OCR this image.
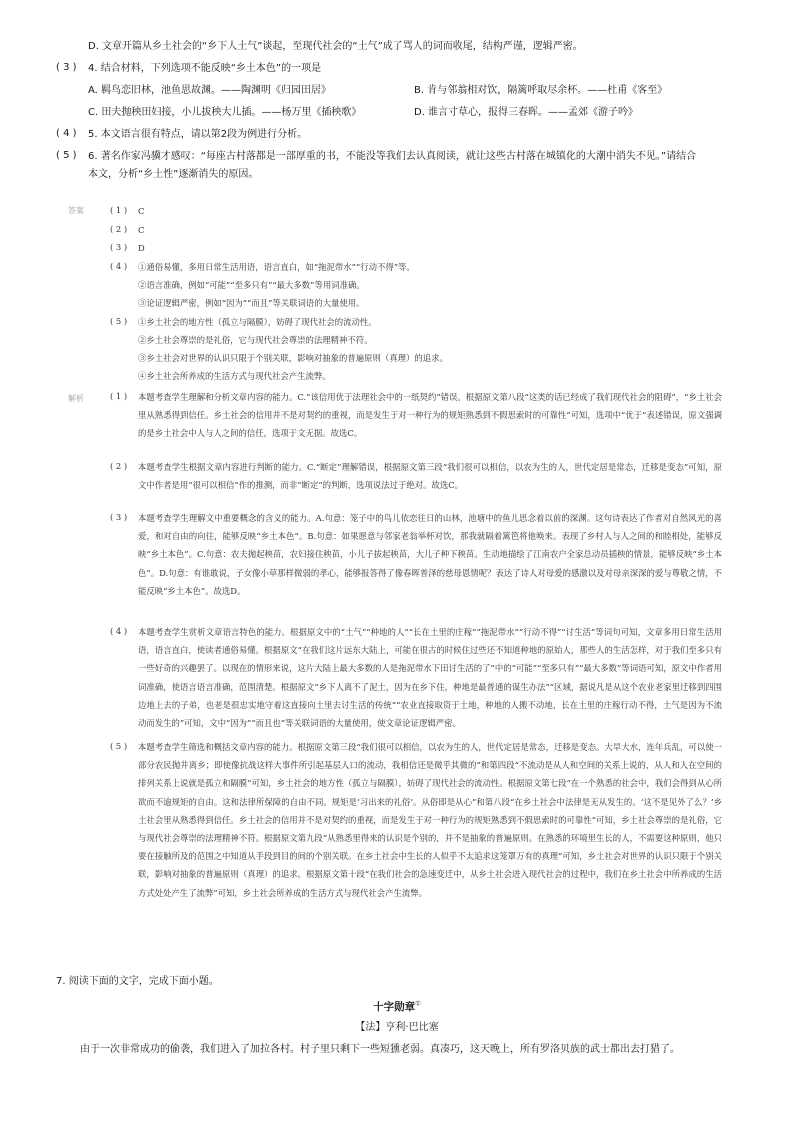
D. 文章开篇从乡土社会的“乡下人土气”谈起，至现代社会的“土气”成了骂人的词而收尾，结构严谨，逻辑严密。
( 3 ) 4. 结合材料，下列选项不能反映“乡土本色”的一项是
A. 羁鸟恋旧林，池鱼思故渊。——陶渊明《归园田居》	B. 肯与邻翁相对饮，隔篱呼取尽余杯。——杜甫《客至》
C. 田夫抛秧田妇接，小儿拔秧大儿插。——杨万里《插秧歌》	D. 谁言寸草心，报得三春晖。——孟郊《游子吟》
( 4 ) 5. 本文语言很有特点，请以第2段为例进行分析。
( 5 ) 6. 著名作家冯骥才感叹：“每座古村落都是一部厚重的书，不能没等我们去认真阅读，就让这些古村落在城镇化的大潮中消失不见。”请结合
本文，分析“乡土性”逐渐消失的原因。
答案	( 1 ) C
( 2 ) C
( 3 ) D
( 4 ) ①通俗易懂，多用日常生活用语，语言直白，如“拖泥带水”“行动不得”等。
②语言准确，例如“可能”“至多只有”“最大多数”等用词准确。
③论证逻辑严密，例如“因为”“而且”等关联词语的大量使用。
( 5 ) ①乡土社会的地方性（孤立与隔膜），妨碍了现代社会的流动性。
②乡土社会尊崇的是礼俗，它与现代社会尊崇的法理精神不符。
③乡土社会对世界的认识只限于个别关联，影响对抽象的普遍原则（真理）的追求。
④乡土社会所养成的生活方式与现代社会产生流弊。
解析	( 1 ) 本题考查学生理解和分析文章内容的能力。C.“该信用优于法理社会中的一纸契约”错误。根据原文第八段“这类的话已经成了我们现代社会的阻碍”，“乡土社会里从熟悉得到信任。乡土社会的信用并不是对契约的重视，而是发生于对一种行为的规矩熟悉到不假思索时的可靠性”可知，选项中“优于”表述错误，原文强调的是乡土社会中人与人之间的信任，选项于文无据。故选C。
( 2 ) 本题考查学生根据文章内容进行判断的能力。C.“断定”理解错误，根据原文第三段“我们很可以相信，以农为生的人，世代定居是常态，迁移是变态”可知，原文中作者是用“很可以相信”作的推测，而非“断定”的判断，选项说法过于绝对。故选C。
( 3 ) 本题考查学生理解文中重要概念的含义的能力。A.句意：笼子中的鸟儿依恋往日的山林，池塘中的鱼儿思念着以前的深渊。这句诗表达了作者对自然风光的喜爱，和对自由的向往，能够反映“乡土本色”。B.句意：如果愿意与邻家老翁举杯对饮，那我就隔着篱笆将他唤来。表现了乡村人与人之间的和睦相处，能够反映“乡土本色”。C.句意：农夫抛起秧苗，农妇接住秧苗，小儿子拔起秧苗，大儿子种下秧苗。生动地描绘了江南农户全家总动员插秧的情景，能够反映“乡土本色”。D.句意：有谁敢说，子女像小草那样微弱的孝心，能够报答得了像春晖普泽的慈母恩情呢？表达了诗人对母爱的感激以及对母亲深深的爱与尊敬之情，不能反映“乡土本色”。故选D。
( 4 ) 本题考查学生赏析文章语言特色的能力。根据原文中的“土气”“种地的人”“长在土里的庄稼”“拖泥带水”“行动不得”“讨生活”等词句可知，文章多用日常生活用语，语言直白，使读者通俗易懂。根据原文“在我们这片远东大陆上，可能在很古的时候住过些还不知道种地的原始人，那些人的生活怎样，对于我们至多只有一些好奇的兴趣罢了。以现在的情形来说，这片大陆上最大多数的人是拖泥带水下田讨生活的了”中的“可能”“至多只有”“最大多数”等词语可知，原文中作者用词准确，使语言语言准确，范围清楚。根据原文“乡下人离不了泥土，因为在乡下住，种地是最普通的谋生办法”“区域，据说凡是从这个农业老家里迁移到四围边地上去的子弟，也老是很忠实地守着这直接向土里去讨生活的传统”“农业直接取资于土地，种地的人搬不动地，长在土里的庄稼行动不得，土气是因为不流动而发生的”可知，文中“因为”“而且也”等关联词语的大量使用，使文章论证逻辑严密。
( 5 ) 本题考查学生筛选和概括文章内容的能力。根据原文第三段“我们很可以相信，以农为生的人，世代定居是常态，迁移是变态。大旱大水，连年兵乱，可以使一部分农民抛井离乡；即使像抗战这样大事件所引起基层人口的流动，我相信还是微乎其微的”和第四段“不流动是从人和空间的关系上说的，从人和人在空间的排列关系上说就是孤立和隔膜”可知，乡土社会的地方性（孤立与隔膜），妨碍了现代社会的流动性。根据原文第七段“在一个熟悉的社会中，我们会得到从心所欲而不逾规矩的自由。这和法律所保障的自由不同。规矩是‘习出来的礼俗’。从俗即是从心”和第八段“在乡土社会中法律是无从发生的。‘这不是见外了么？’乡土社会里从熟悉得到信任。乡土社会的信用并不是对契约的重视，而是发生于对一种行为的规矩熟悉到不假思索时的可靠性”可知，乡土社会尊崇的是礼俗，它与现代社会尊崇的法理精神不符。根据原文第九段“从熟悉里得来的认识是个别的，并不是抽象的普遍原则。在熟悉的环境里生长的人，不需要这种原则，他只要在接触所及的范围之中知道从手段到目的间的个别关联。在乡土社会中生长的人似乎不太追求这笼罩万有的真理”可知，乡土社会对世界的认识只限于个别关联，影响对抽象的普遍原则（真理）的追求。根据原文第十段“在我们社会的急速变迁中，从乡土社会进入现代社会的过程中，我们在乡土社会中所养成的生活方式处处产生了流弊”可知，乡土社会所养成的生活方式与现代社会产生流弊。
7. 阅读下面的文字，完成下面小题。
十字勋章①
【法】亨利·巴比塞
由于一次非常成功的偷袭，我们进入了加拉各村。村子里只剩下一些短獯老弱。真凑巧，这天晚上，所有罗洛贝族的武士都出去打猎了。
